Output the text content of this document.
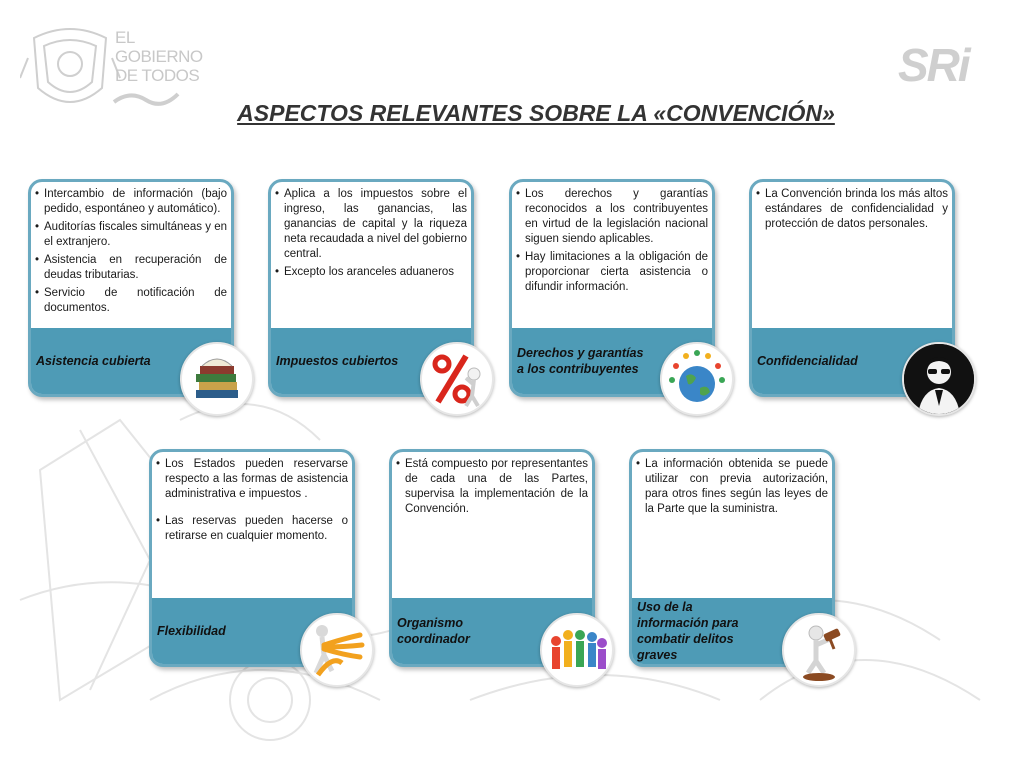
EL
GOBIERNO
DE TODOS	SRi
ASPECTOS RELEVANTES SOBRE LA «CONVENCIÓN»
• Intercambio de información (bajo pedido, espontáneo y automático).
• Auditorías fiscales simultáneas y en el extranjero.
• Asistencia en recuperación de deudas tributarias.
• Servicio de notificación de documentos.
Asistencia cubierta
• Aplica a los impuestos sobre el ingreso, las ganancias, las ganancias de capital y la riqueza neta recaudada a nivel del gobierno central.
• Excepto los aranceles aduaneros
Impuestos cubiertos
• Los derechos y garantías reconocidos a los contribuyentes en virtud de la legislación nacional siguen siendo aplicables.
• Hay limitaciones a la obligación de proporcionar cierta asistencia o difundir información.
Derechos y garantías a los contribuyentes
• La Convención brinda los más altos estándares de confidencialidad y protección de datos personales.
Confidencialidad
• Los Estados pueden reservarse respecto a las formas de asistencia administrativa e impuestos .
• Las reservas pueden hacerse o retirarse en cualquier momento.
Flexibilidad
• Está compuesto por representantes de cada una de las Partes, supervisa la implementación de la Convención.
Organismo coordinador
• La información obtenida se puede utilizar con previa autorización, para otros fines según las leyes de la Parte que la suministra.
Uso de la información para combatir delitos graves
